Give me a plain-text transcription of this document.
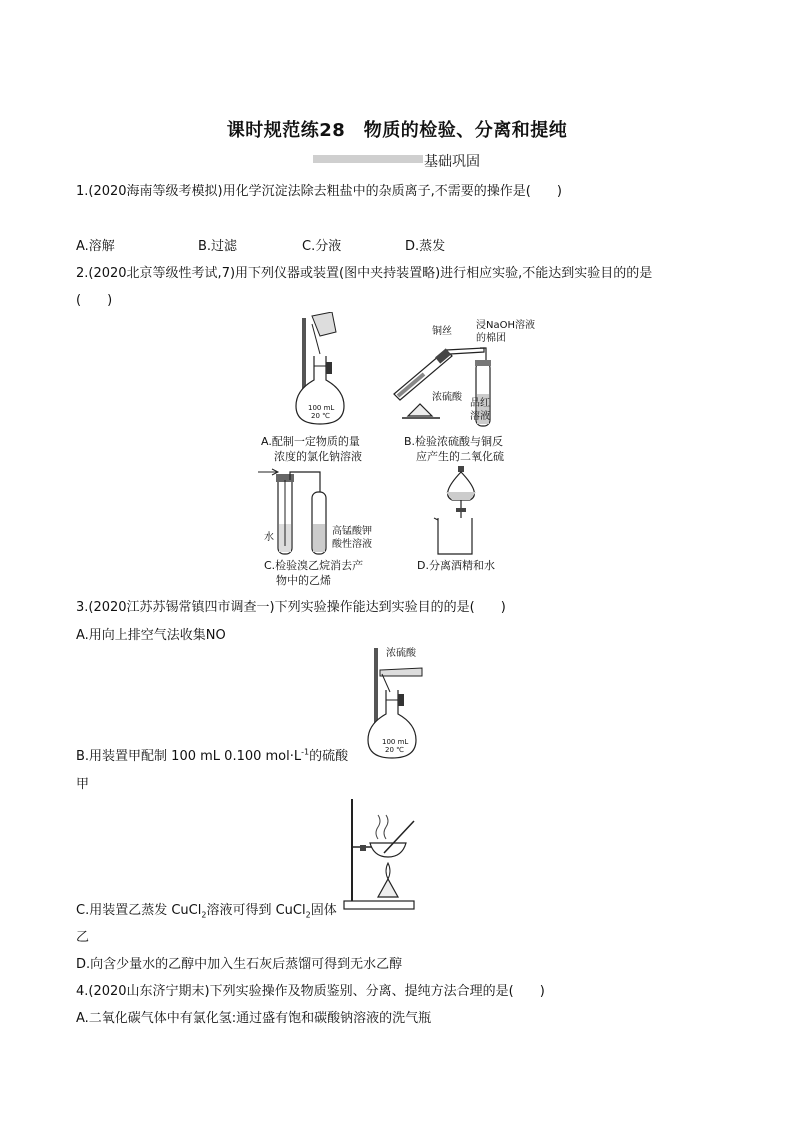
课时规范练28　物质的检验、分离和提纯
基础巩固
1.(2020海南等级考模拟)用化学沉淀法除去粗盐中的杂质离子,不需要的操作是(　　)
A.溶解	B.过滤	C.分液	D.蒸发
2.(2020北京等级性考试,7)用下列仪器或装置(图中夹持装置略)进行相应实验,不能达到实验目的的是
(　　)
100 mL
20 ℃
A.配制一定物质的量
浓度的氯化钠溶液
铜丝
浸NaOH溶液
的棉团
浓硫酸
品红
溶液
B.检验浓硫酸与铜反
应产生的二氧化硫
水
高锰酸钾
酸性溶液
C.检验溴乙烷消去产
物中的乙烯
D.分离酒精和水
3.(2020江苏苏锡常镇四市调查一)下列实验操作能达到实验目的的是(　　)
A.用向上排空气法收集NO
浓硫酸
100 mL
20 ℃
B.用装置甲配制 100 mL 0.100 $mol\cdot L^{-1}$的硫酸
甲
C.用装置乙蒸发 CuCl$_2$溶液可得到 CuCl$_2$固体
乙
D.向含少量水的乙醇中加入生石灰后蒸馏可得到无水乙醇
4.(2020山东济宁期末)下列实验操作及物质鉴别、分离、提纯方法合理的是(　　)
A.二氧化碳气体中有氯化氢:通过盛有饱和碳酸钠溶液的洗气瓶
